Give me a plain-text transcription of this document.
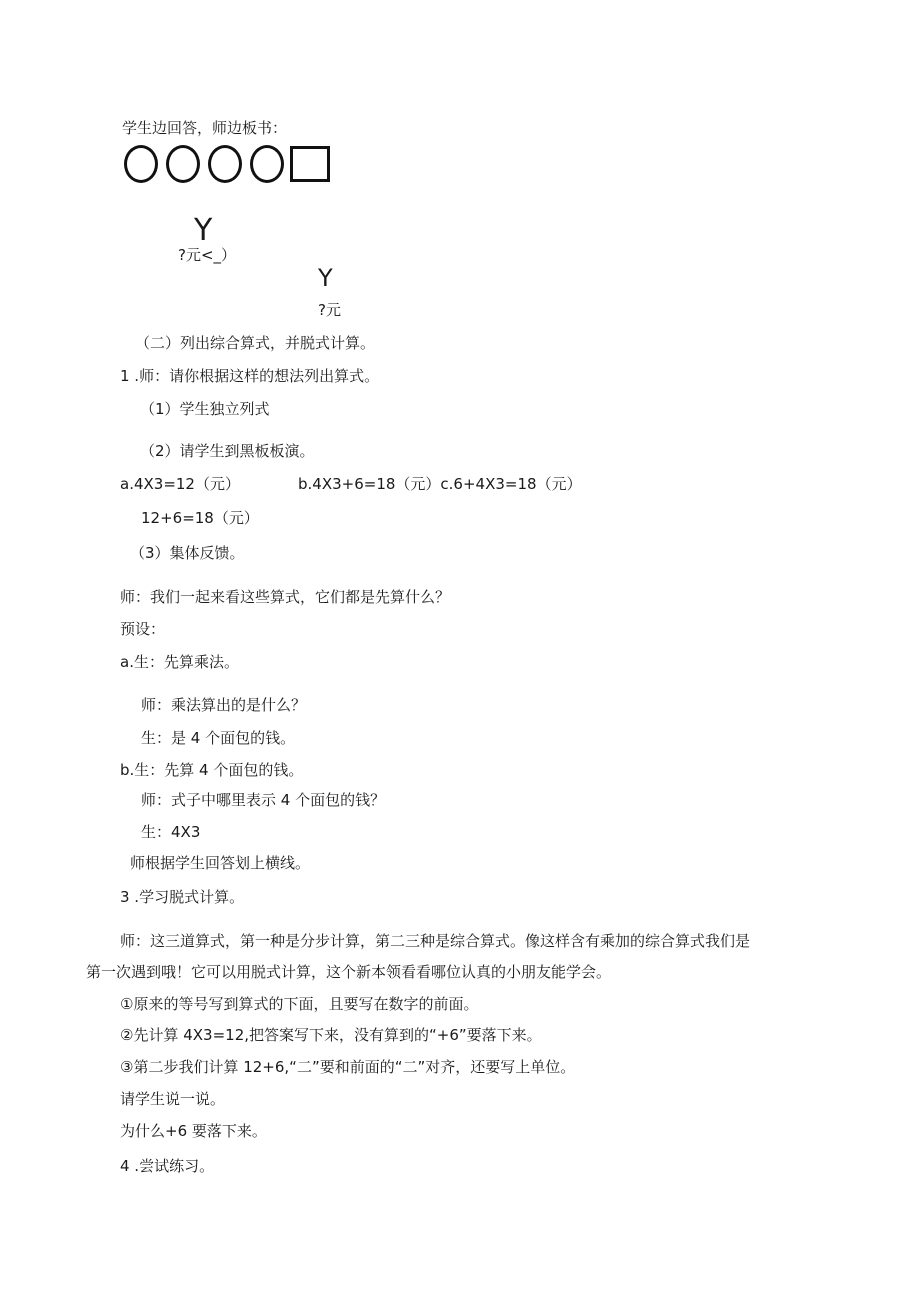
学生边回答，师边板书：
Y
?元<_）
Y
?元
（二）列出综合算式，并脱式计算。
1 .师：请你根据这样的想法列出算式。
（1）学生独立列式
（2）请学生到黑板板演。
a.4X3=12（元）	b.4X3+6=18（元）c.6+4X3=18（元）
12+6=18（元）
（3）集体反馈。
师：我们一起来看这些算式，它们都是先算什么？
预设：
a.生：先算乘法。
师：乘法算出的是什么？
生：是 4 个面包的钱。
b.生：先算 4 个面包的钱。
师：式子中哪里表示 4 个面包的钱？
生：4X3
师根据学生回答划上横线。
3 .学习脱式计算。
师：这三道算式，第一种是分步计算，第二三种是综合算式。像这样含有乘加的综合算式我们是
第一次遇到哦！它可以用脱式计算，这个新本领看看哪位认真的小朋友能学会。
①原来的等号写到算式的下面，且要写在数字的前面。
②先计算 4X3=12,把答案写下来，没有算到的“+6”要落下来。
③第二步我们计算 12+6,“二”要和前面的“二”对齐，还要写上单位。
请学生说一说。
为什么+6 要落下来。
4 .尝试练习。
